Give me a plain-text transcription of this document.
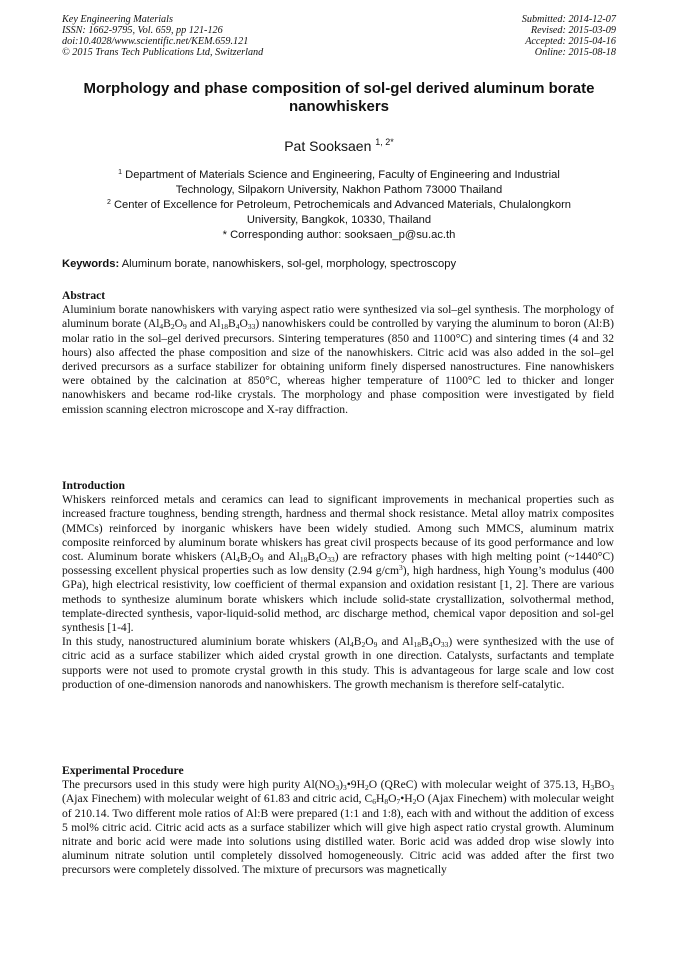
Key Engineering Materials
ISSN: 1662-9795, Vol. 659, pp 121-126
doi:10.4028/www.scientific.net/KEM.659.121
© 2015 Trans Tech Publications Ltd, Switzerland
Submitted: 2014-12-07
Revised: 2015-03-09
Accepted: 2015-04-16
Online: 2015-08-18
Morphology and phase composition of sol-gel derived aluminum borate
nanowhiskers
Pat Sooksaen $^{1, 2*}$
$^1$ Department of Materials Science and Engineering, Faculty of Engineering and Industrial
Technology, Silpakorn University, Nakhon Pathom 73000 Thailand
$^2$ Center of Excellence for Petroleum, Petrochemicals and Advanced Materials, Chulalongkorn
University, Bangkok, 10330, Thailand
* Corresponding author: sooksaen_p@su.ac.th
Keywords: Aluminum borate, nanowhiskers, sol-gel, morphology, spectroscopy
Abstract

Aluminium borate nanowhiskers with varying aspect ratio were synthesized via sol–gel synthesis. The morphology of aluminum borate ($Al_4B_2O_9$ and $Al_{18}B_4O_{33}$) nanowhiskers could be controlled by varying the aluminum to boron (Al:B) molar ratio in the sol–gel derived precursors. Sintering temperatures (850 and 1100°C) and sintering times (4 and 32 hours) also affected the phase composition and size of the nanowhiskers. Citric acid was also added in the sol–gel derived precursors as a surface stabilizer for obtaining uniform finely dispersed nanostructures. Fine nanowhiskers were obtained by the calcination at 850°C, whereas higher temperature of 1100°C led to thicker and longer nanowhiskers and became rod-like crystals. The morphology and phase composition were investigated by field emission scanning electron microscope and X-ray diffraction.

Introduction

Whiskers reinforced metals and ceramics can lead to significant improvements in mechanical properties such as increased fracture toughness, bending strength, hardness and thermal shock resistance. Metal alloy matrix composites (MMCs) reinforced by inorganic whiskers have been widely studied. Among such MMCS, aluminum matrix composite reinforced by aluminum borate whiskers has great civil prospects because of its good performance and low cost. Aluminum borate whiskers ($Al_4B_2O_9$ and $Al_{18}B_4O_{33}$) are refractory phases with high melting point (~1440°C) possessing excellent physical properties such as low density (2.94 $g/cm^3$), high hardness, high Young’s modulus (400 GPa), high electrical resistivity, low coefficient of thermal expansion and oxidation resistant [1, 2]. There are various methods to synthesize aluminum borate whiskers which include solid-state crystallization, solvothermal method, template-directed synthesis, vapor-liquid-solid method, arc discharge method, chemical vapor deposition and sol-gel synthesis [1-4].

In this study, nanostructured aluminium borate whiskers ($Al_4B_2O_9$ and $Al_{18}B_4O_{33}$) were synthesized with the use of citric acid as a surface stabilizer which aided crystal growth in one direction. Catalysts, surfactants and template supports were not used to promote crystal growth in this study. This is advantageous for large scale and low cost production of one-dimension nanorods and nanowhiskers. The growth mechanism is therefore self-catalytic.

Experimental Procedure

The precursors used in this study were high purity $Al(NO_3)_3•9H_2O$ (QReC) with molecular weight of 375.13, $H_3BO_3$ (Ajax Finechem) with molecular weight of 61.83 and citric acid, $C_6H_8O_7•H_2O$ (Ajax Finechem) with molecular weight of 210.14. Two different mole ratios of Al:B were prepared (1:1 and 1:8), each with and without the addition of excess 5 mol% citric acid. Citric acid acts as a surface stabilizer which will give high aspect ratio crystal growth. Aluminum nitrate and boric acid were made into solutions using distilled water. Boric acid was added drop wise slowly into aluminum nitrate solution until completely dissolved homogeneously. Citric acid was added after the first two precursors were completely dissolved. The mixture of precursors was magnetically
